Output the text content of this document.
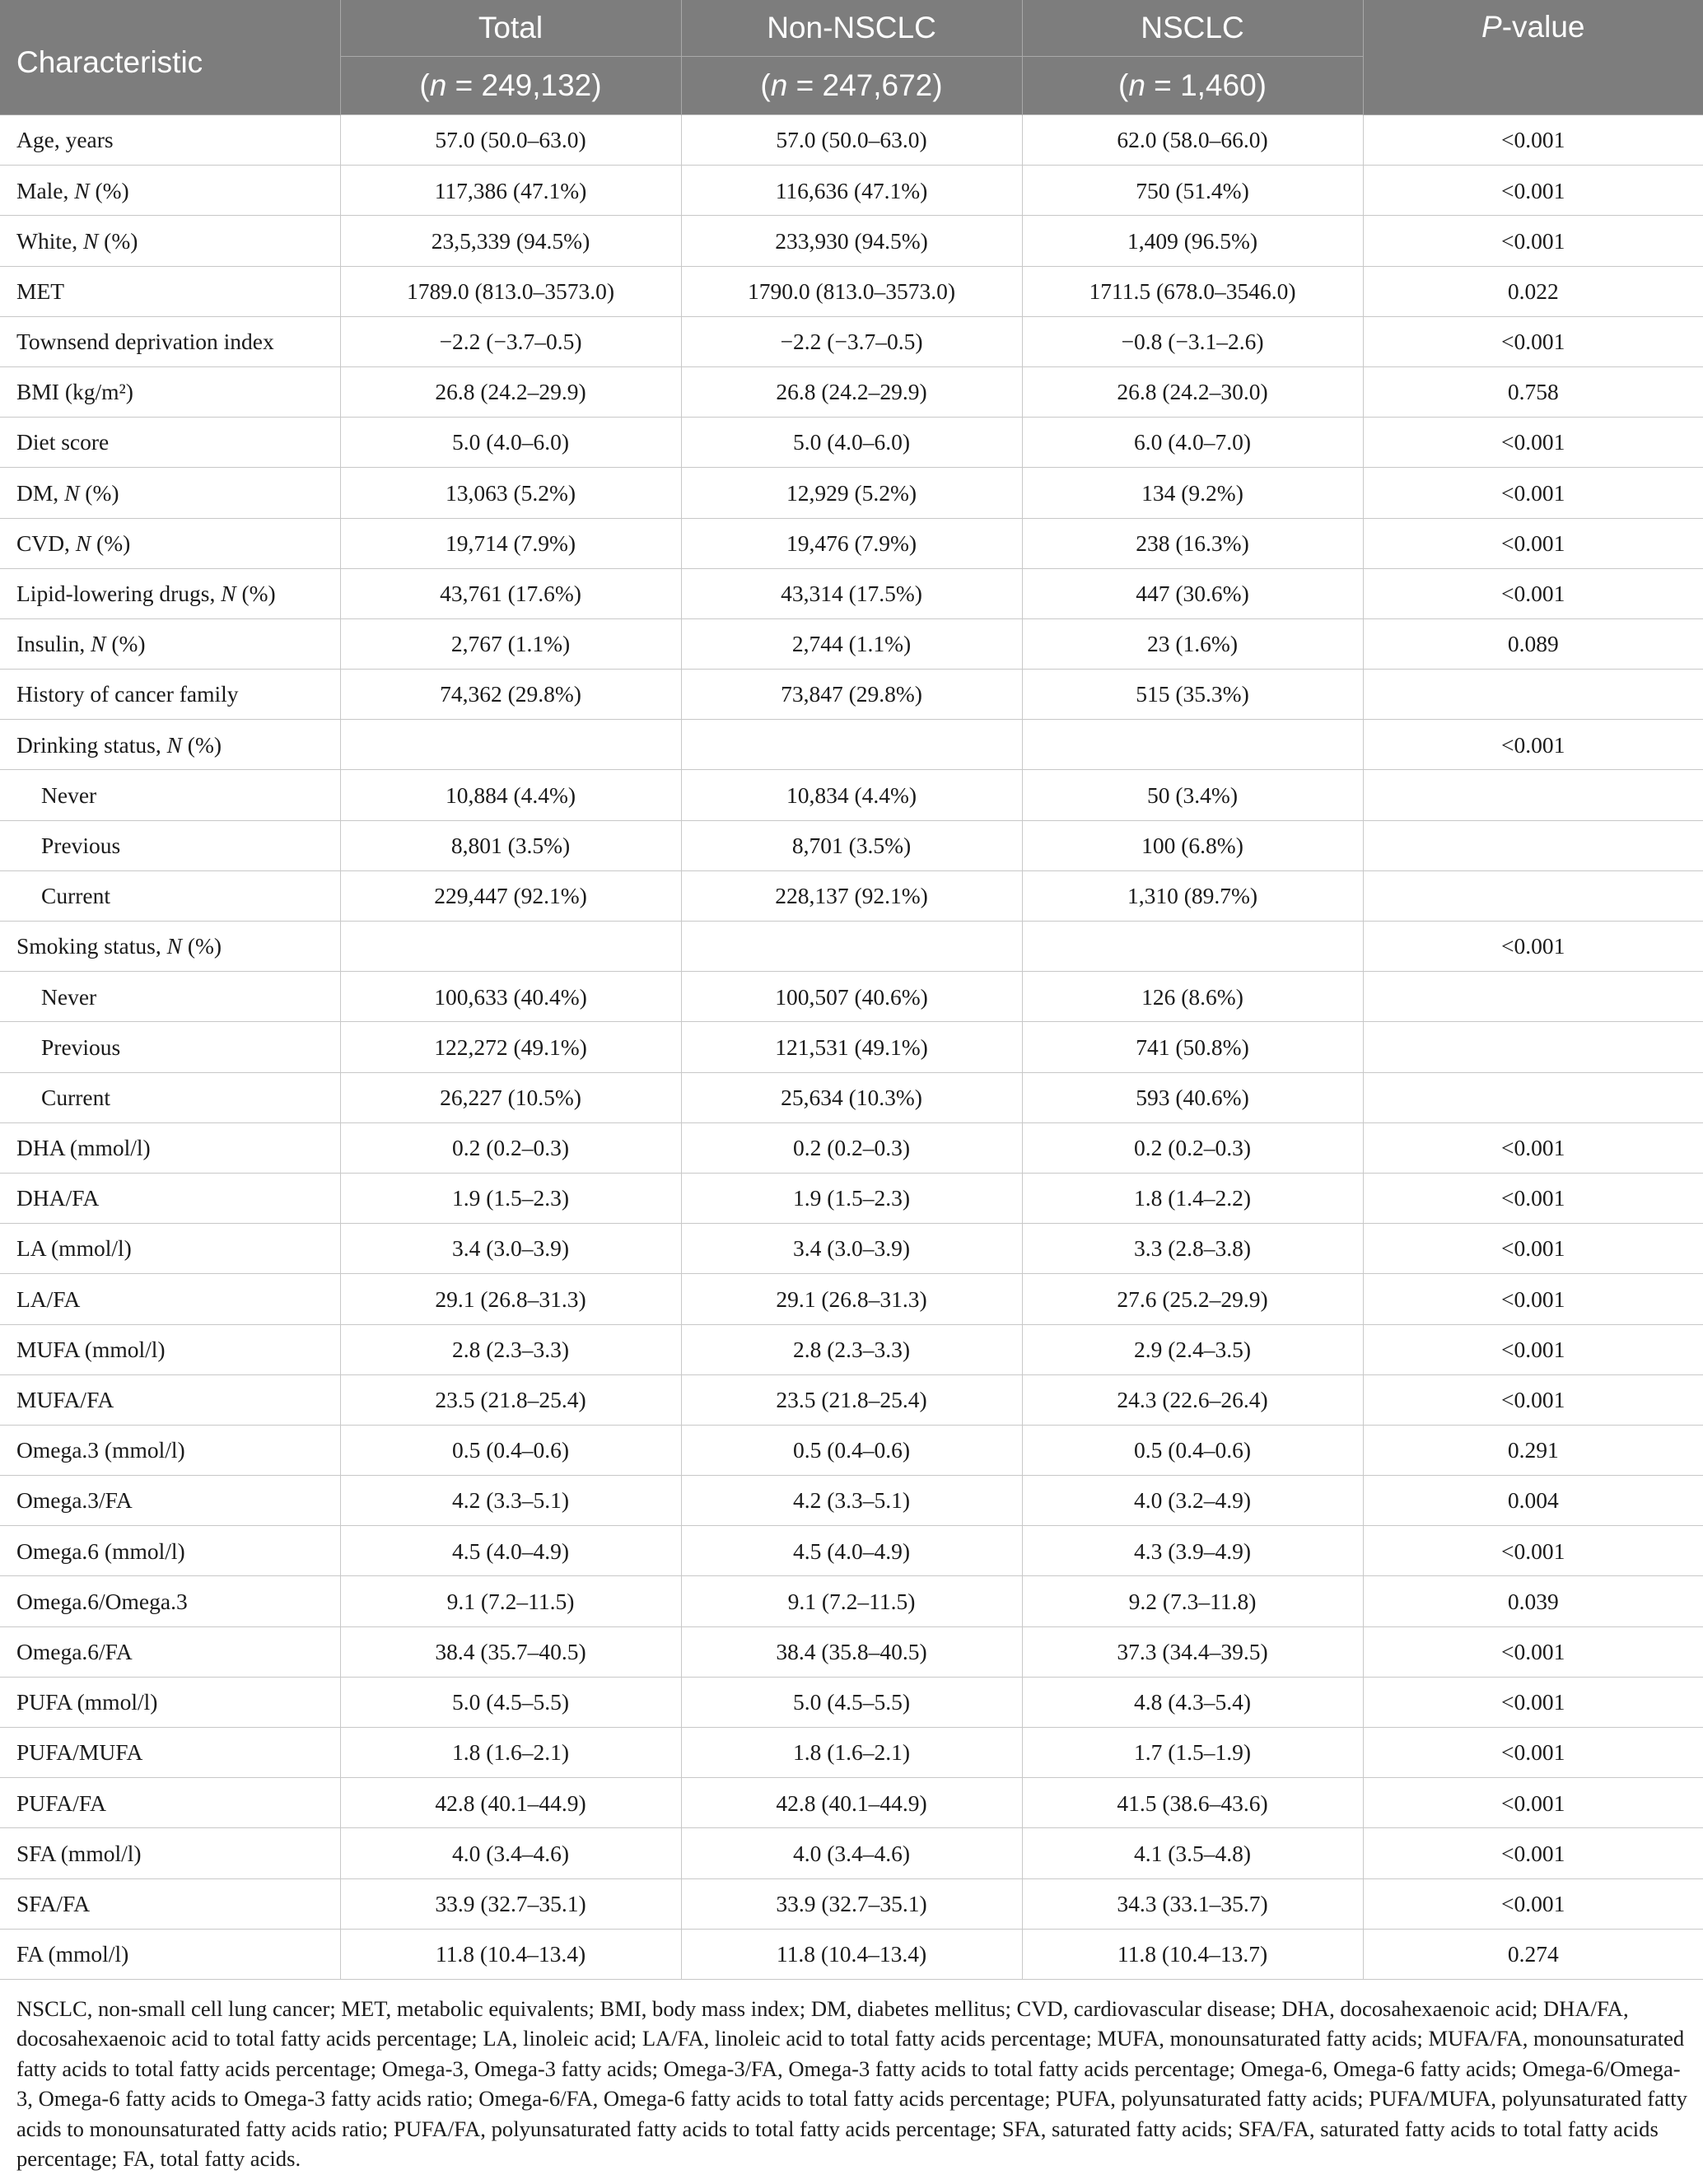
Characteristic	Total	Non-NSCLC	NSCLC	P-value
	(n = 249,132)	(n = 247,672)	(n = 1,460)	
Age, years	57.0 (50.0–63.0)	57.0 (50.0–63.0)	62.0 (58.0–66.0)	<0.001
Male, N (%)	117,386 (47.1%)	116,636 (47.1%)	750 (51.4%)	<0.001
White, N (%)	23,5,339 (94.5%)	233,930 (94.5%)	1,409 (96.5%)	<0.001
MET	1789.0 (813.0–3573.0)	1790.0 (813.0–3573.0)	1711.5 (678.0–3546.0)	0.022
Townsend deprivation index	−2.2 (−3.7–0.5)	−2.2 (−3.7–0.5)	−0.8 (−3.1–2.6)	<0.001
BMI (kg/m²)	26.8 (24.2–29.9)	26.8 (24.2–29.9)	26.8 (24.2–30.0)	0.758
Diet score	5.0 (4.0–6.0)	5.0 (4.0–6.0)	6.0 (4.0–7.0)	<0.001
DM, N (%)	13,063 (5.2%)	12,929 (5.2%)	134 (9.2%)	<0.001
CVD, N (%)	19,714 (7.9%)	19,476 (7.9%)	238 (16.3%)	<0.001
Lipid-lowering drugs, N (%)	43,761 (17.6%)	43,314 (17.5%)	447 (30.6%)	<0.001
Insulin, N (%)	2,767 (1.1%)	2,744 (1.1%)	23 (1.6%)	0.089
History of cancer family	74,362 (29.8%)	73,847 (29.8%)	515 (35.3%)	
Drinking status, N (%)				<0.001
Never	10,884 (4.4%)	10,834 (4.4%)	50 (3.4%)	
Previous	8,801 (3.5%)	8,701 (3.5%)	100 (6.8%)	
Current	229,447 (92.1%)	228,137 (92.1%)	1,310 (89.7%)	
Smoking status, N (%)				<0.001
Never	100,633 (40.4%)	100,507 (40.6%)	126 (8.6%)	
Previous	122,272 (49.1%)	121,531 (49.1%)	741 (50.8%)	
Current	26,227 (10.5%)	25,634 (10.3%)	593 (40.6%)	
DHA (mmol/l)	0.2 (0.2–0.3)	0.2 (0.2–0.3)	0.2 (0.2–0.3)	<0.001
DHA/FA	1.9 (1.5–2.3)	1.9 (1.5–2.3)	1.8 (1.4–2.2)	<0.001
LA (mmol/l)	3.4 (3.0–3.9)	3.4 (3.0–3.9)	3.3 (2.8–3.8)	<0.001
LA/FA	29.1 (26.8–31.3)	29.1 (26.8–31.3)	27.6 (25.2–29.9)	<0.001
MUFA (mmol/l)	2.8 (2.3–3.3)	2.8 (2.3–3.3)	2.9 (2.4–3.5)	<0.001
MUFA/FA	23.5 (21.8–25.4)	23.5 (21.8–25.4)	24.3 (22.6–26.4)	<0.001
Omega.3 (mmol/l)	0.5 (0.4–0.6)	0.5 (0.4–0.6)	0.5 (0.4–0.6)	0.291
Omega.3/FA	4.2 (3.3–5.1)	4.2 (3.3–5.1)	4.0 (3.2–4.9)	0.004
Omega.6 (mmol/l)	4.5 (4.0–4.9)	4.5 (4.0–4.9)	4.3 (3.9–4.9)	<0.001
Omega.6/Omega.3	9.1 (7.2–11.5)	9.1 (7.2–11.5)	9.2 (7.3–11.8)	0.039
Omega.6/FA	38.4 (35.7–40.5)	38.4 (35.8–40.5)	37.3 (34.4–39.5)	<0.001
PUFA (mmol/l)	5.0 (4.5–5.5)	5.0 (4.5–5.5)	4.8 (4.3–5.4)	<0.001
PUFA/MUFA	1.8 (1.6–2.1)	1.8 (1.6–2.1)	1.7 (1.5–1.9)	<0.001
PUFA/FA	42.8 (40.1–44.9)	42.8 (40.1–44.9)	41.5 (38.6–43.6)	<0.001
SFA (mmol/l)	4.0 (3.4–4.6)	4.0 (3.4–4.6)	4.1 (3.5–4.8)	<0.001
SFA/FA	33.9 (32.7–35.1)	33.9 (32.7–35.1)	34.3 (33.1–35.7)	<0.001
FA (mmol/l)	11.8 (10.4–13.4)	11.8 (10.4–13.4)	11.8 (10.4–13.7)	0.274
NSCLC, non-small cell lung cancer; MET, metabolic equivalents; BMI, body mass index; DM, diabetes mellitus; CVD, cardiovascular disease; DHA, docosahexaenoic acid; DHA/FA, docosahexaenoic acid to total fatty acids percentage; LA, linoleic acid; LA/FA, linoleic acid to total fatty acids percentage; MUFA, monounsaturated fatty acids; MUFA/FA, monounsaturated fatty acids to total fatty acids percentage; Omega-3, Omega-3 fatty acids; Omega-3/FA, Omega-3 fatty acids to total fatty acids percentage; Omega-6, Omega-6 fatty acids; Omega-6/Omega-3, Omega-6 fatty acids to Omega-3 fatty acids ratio; Omega-6/FA, Omega-6 fatty acids to total fatty acids percentage; PUFA, polyunsaturated fatty acids; PUFA/MUFA, polyunsaturated fatty acids to monounsaturated fatty acids ratio; PUFA/FA, polyunsaturated fatty acids to total fatty acids percentage; SFA, saturated fatty acids; SFA/FA, saturated fatty acids to total fatty acids percentage; FA, total fatty acids.
